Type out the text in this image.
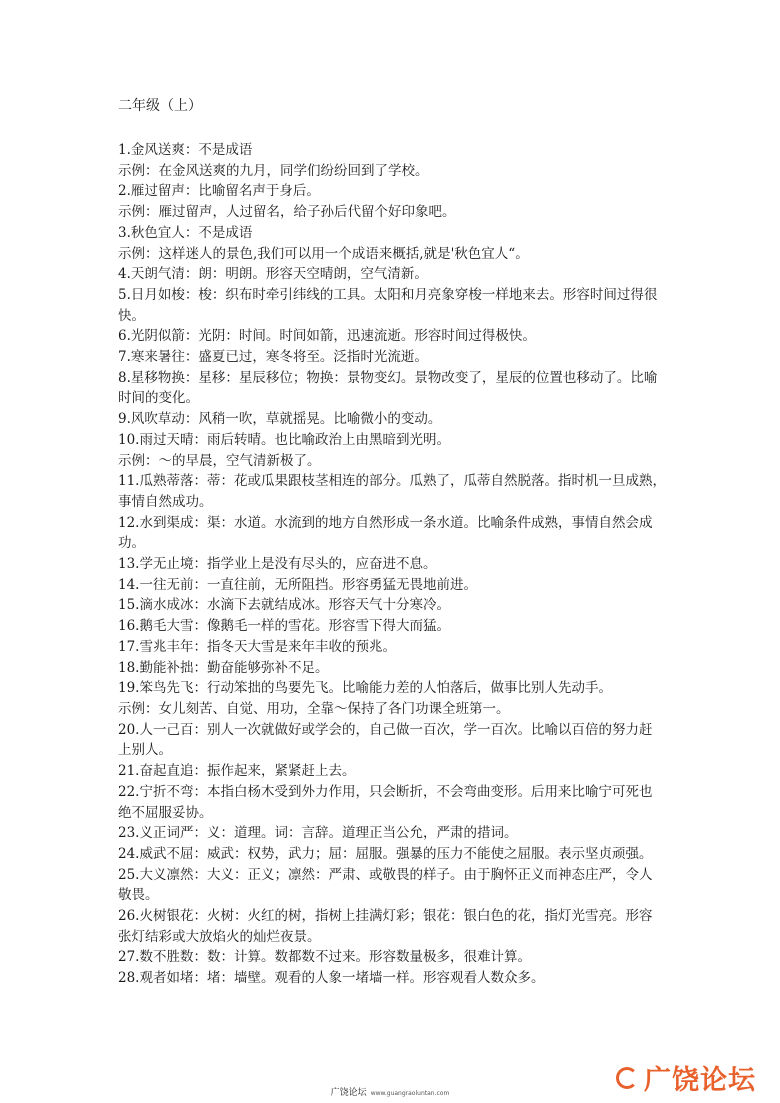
二年级（上）
1.金风送爽：不是成语
示例：在金风送爽的九月，同学们纷纷回到了学校。
2.雁过留声：比喻留名声于身后。
示例：雁过留声，人过留名，给子孙后代留个好印象吧。
3.秋色宜人：不是成语
示例：这样迷人的景色,我们可以用一个成语来概括,就是'秋色宜人“。
4.天朗气清：朗：明朗。形容天空晴朗，空气清新。
5.日月如梭：梭：织布时牵引纬线的工具。太阳和月亮象穿梭一样地来去。形容时间过得很
快。
6.光阴似箭：光阴：时间。时间如箭，迅速流逝。形容时间过得极快。
7.寒来暑往：盛夏已过，寒冬将至。泛指时光流逝。
8.星移物换：星移：星辰移位；物换：景物变幻。景物改变了，星辰的位置也移动了。比喻
时间的变化。
9.风吹草动：风稍一吹，草就摇晃。比喻微小的变动。
10.雨过天晴：雨后转晴。也比喻政治上由黑暗到光明。
示例：～的早晨，空气清新极了。
11.瓜熟蒂落：蒂：花或瓜果跟枝茎相连的部分。瓜熟了，瓜蒂自然脱落。指时机一旦成熟，
事情自然成功。
12.水到渠成：渠：水道。水流到的地方自然形成一条水道。比喻条件成熟，事情自然会成
功。
13.学无止境：指学业上是没有尽头的，应奋进不息。
14.一往无前：一直往前，无所阻挡。形容勇猛无畏地前进。
15.滴水成冰：水滴下去就结成冰。形容天气十分寒冷。
16.鹅毛大雪：像鹅毛一样的雪花。形容雪下得大而猛。
17.雪兆丰年：指冬天大雪是来年丰收的预兆。
18.勤能补拙：勤奋能够弥补不足。
19.笨鸟先飞：行动笨拙的鸟要先飞。比喻能力差的人怕落后，做事比别人先动手。
示例：女儿刻苦、自觉、用功，全靠～保持了各门功课全班第一。
20.人一己百：别人一次就做好或学会的，自己做一百次，学一百次。比喻以百倍的努力赶
上别人。
21.奋起直追：振作起来，紧紧赶上去。
22.宁折不弯：本指白杨木受到外力作用，只会断折，不会弯曲变形。后用来比喻宁可死也
绝不屈服妥协。
23.义正词严：义：道理。词：言辞。道理正当公允，严肃的措词。
24.威武不屈：威武：权势，武力；屈：屈服。强暴的压力不能使之屈服。表示坚贞顽强。
25.大义凛然：大义：正义；凛然：严肃、或敬畏的样子。由于胸怀正义而神态庄严，令人
敬畏。
26.火树银花：火树：火红的树，指树上挂满灯彩；银花：银白色的花，指灯光雪亮。形容
张灯结彩或大放焰火的灿烂夜景。
27.数不胜数：数：计算。数都数不过来。形容数量极多，很难计算。
28.观者如堵：堵：墙壁。观看的人象一堵墙一样。形容观看人数众多。
广饶论坛 www.guangraoluntan.com	广饶论坛
